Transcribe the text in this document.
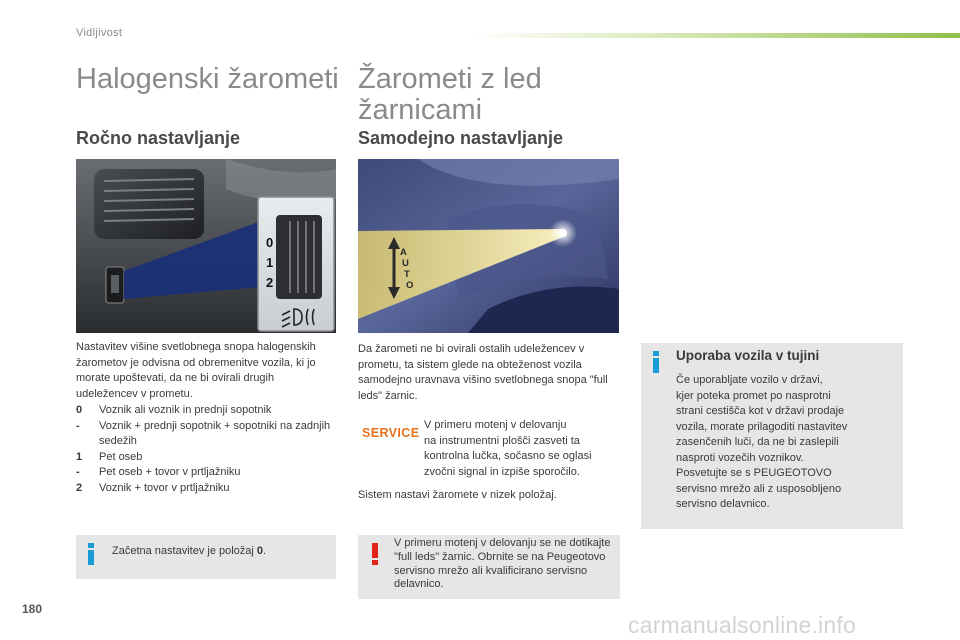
Vidljivost
Halogenski žarometi
Ročno nastavljanje
0
1
2
Nastavitev višine svetlobnega snopa halogenskih žarometov je odvisna od obremenitve vozila, ki jo morate upoštevati, da ne bi ovirali drugih udeležencev v prometu.
0	Voznik ali voznik in prednji sopotnik
-	Voznik + prednji sopotnik + sopotniki na zadnjih sedežih
1	Pet oseb
-	Pet oseb + tovor v prtljažniku
2	Voznik + tovor v prtljažniku
Začetna nastavitev je položaj 0.
Žarometi z led
žarnicami
Samodejno nastavljanje
A U T O
Da žarometi ne bi ovirali ostalih udeležencev v prometu, ta sistem glede na obteženost vozila samodejno uravnava višino svetlobnega snopa "full leds" žarnic.
SERVICE
V primeru motenj v delovanju
na instrumentni plošči zasveti ta
kontrolna lučka, sočasno se oglasi
zvočni signal in izpiše sporočilo.
Sistem nastavi žaromete v nizek položaj.
V primeru motenj v delovanju se ne dotikajte "full leds" žarnic. Obrnite se na Peugeotovo servisno mrežo ali kvalificirano servisno delavnico.
Uporaba vozila v tujini
Če uporabljate vozilo v državi,
kjer poteka promet po nasprotni
strani cestišča kot v državi prodaje
vozila, morate prilagoditi nastavitev
zasenčenih luči, da ne bi zaslepili
nasproti vozečih voznikov.
Posvetujte se s PEUGEOTOVO
servisno mrežo ali z usposobljeno
servisno delavnico.
180
carmanualsonline.info
